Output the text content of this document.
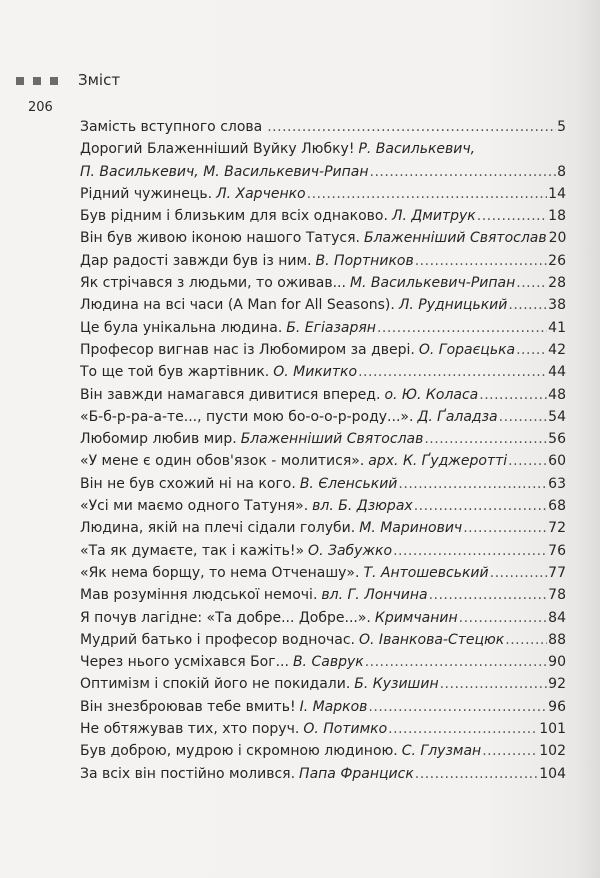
Зміст
206
Замість вступного слова .....	5
Дорогий Блаженніший Вуйку Любку! Р. Василькевич,
П. Василькевич, М. Василькевич-Рипан .....	8
Рідний чужинець. Л. Харченко .....	14
Був рідним і близьким для всіх однаково. Л. Дмитрук .....	18
Він був живою іконою нашого Татуся. Блаженніший Святослав 20
Дар радості завжди був із ним. В. Портников .....	26
Як стрічався з людьми, то оживав... М. Василькевич-Рипан ..... 28
Людина на всі часи (A Man for All Seasons). Л. Рудницький .....	38
Це була унікальна людина. Б. Егіазарян .....	41
Професор вигнав нас із Любомиром за двері. О. Гораєцька ..... 42
То ще той був жартівник. О. Микитко .....	44
Він завжди намагався дивитися вперед. о. Ю. Коласа .....	48
«Б-б-р-ра-а-те..., пусти мою бо-о-о-р-роду...». Д. Ґаладза .....	54
Любомир любив мир. Блаженніший Святослав .....	56
«У мене є один обов'язок - молитися». арх. К. Ґуджеротті .....	60
Він не був схожий ні на кого. В. Єленський .....	63
«Усі ми маємо одного Татуня». вл. Б. Дзюрах .....	68
Людина, якій на плечі сідали голуби. М. Маринович .....	72
«Та як думаєте, так і кажіть!» О. Забужко .....	76
«Як нема борщу, то нема Отченашу». Т. Антошевський .....	77
Мав розуміння людської немочі. вл. Г. Лончина .....	78
Я почув лагідне: «Та добре... Добре...». Кримчанин .....	84
Мудрий батько і професор водночас. О. Іванкова-Стецюк .....	88
Через нього усміхався Бог... В. Саврук .....	90
Оптимізм і спокій його не покидали. Б. Кузишин .....	92
Він знезброював тебе вмить! І. Марков .....	96
Не обтяжував тих, хто поруч. О. Потимко .....	101
Був доброю, мудрою і скромною людиною. С. Глузман .....	102
За всіх він постійно молився. Папа Франциск .....	104
